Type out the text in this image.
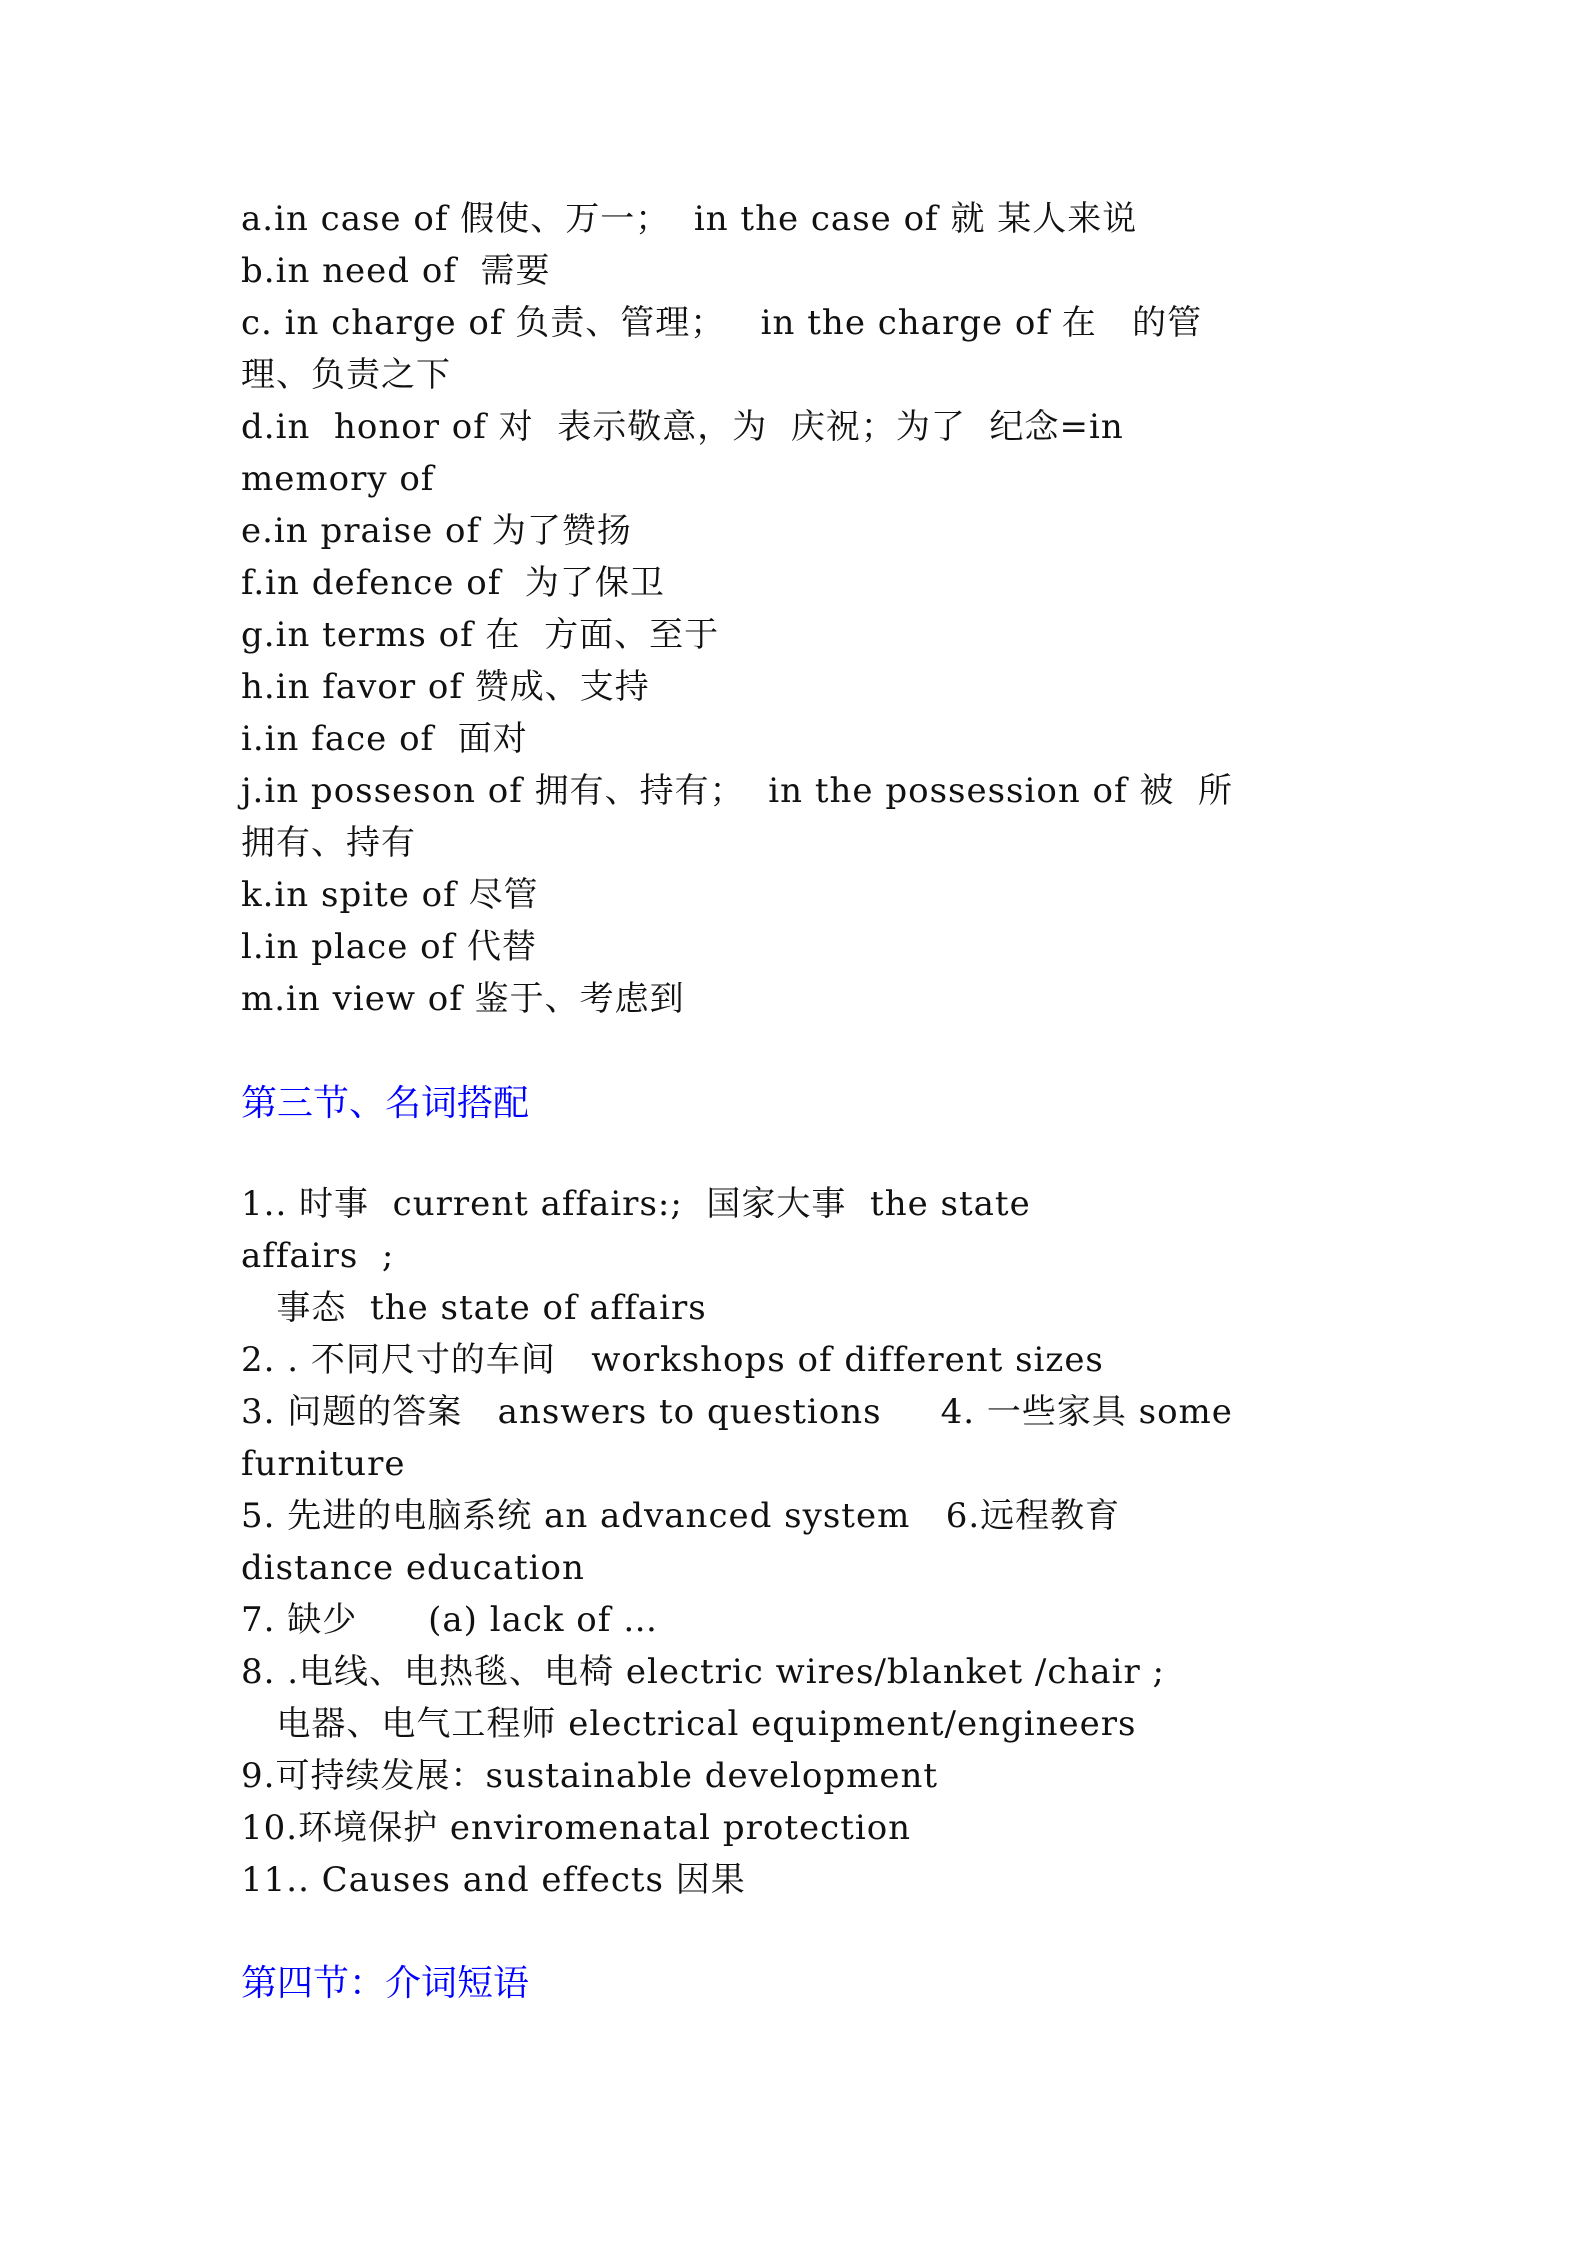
a.in case of 假使、万一；  in the case of 就 某人来说
b.in need of  需要
c. in charge of 负责、管理；   in the charge of 在   的管
理、负责之下
d.in  honor of 对  表示敬意，为  庆祝；为了  纪念=in
memory of
e.in praise of 为了赞扬
f.in defence of  为了保卫
g.in terms of 在  方面、至于
h.in favor of 赞成、支持
i.in face of  面对
j.in posseson of 拥有、持有；  in the possession of 被  所
拥有、持有
k.in spite of 尽管
l.in place of 代替
m.in view of 鉴于、考虑到
第三节、名词搭配
1.. 时事  current affairs:;  国家大事  the state
affairs  ;
事态  the state of affairs
2. . 不同尺寸的车间   workshops of different sizes
3. 问题的答案   answers to questions     4. 一些家具 some
furniture
5. 先进的电脑系统 an advanced system   6.远程教育
distance education
7. 缺少      (a) lack of …
8. .电线、电热毯、电椅 electric wires/blanket /chair ;
电器、电气工程师 electrical equipment/engineers
9.可持续发展：sustainable development
10.环境保护 enviromenatal protection
11.. Causes and effects 因果
第四节：介词短语
